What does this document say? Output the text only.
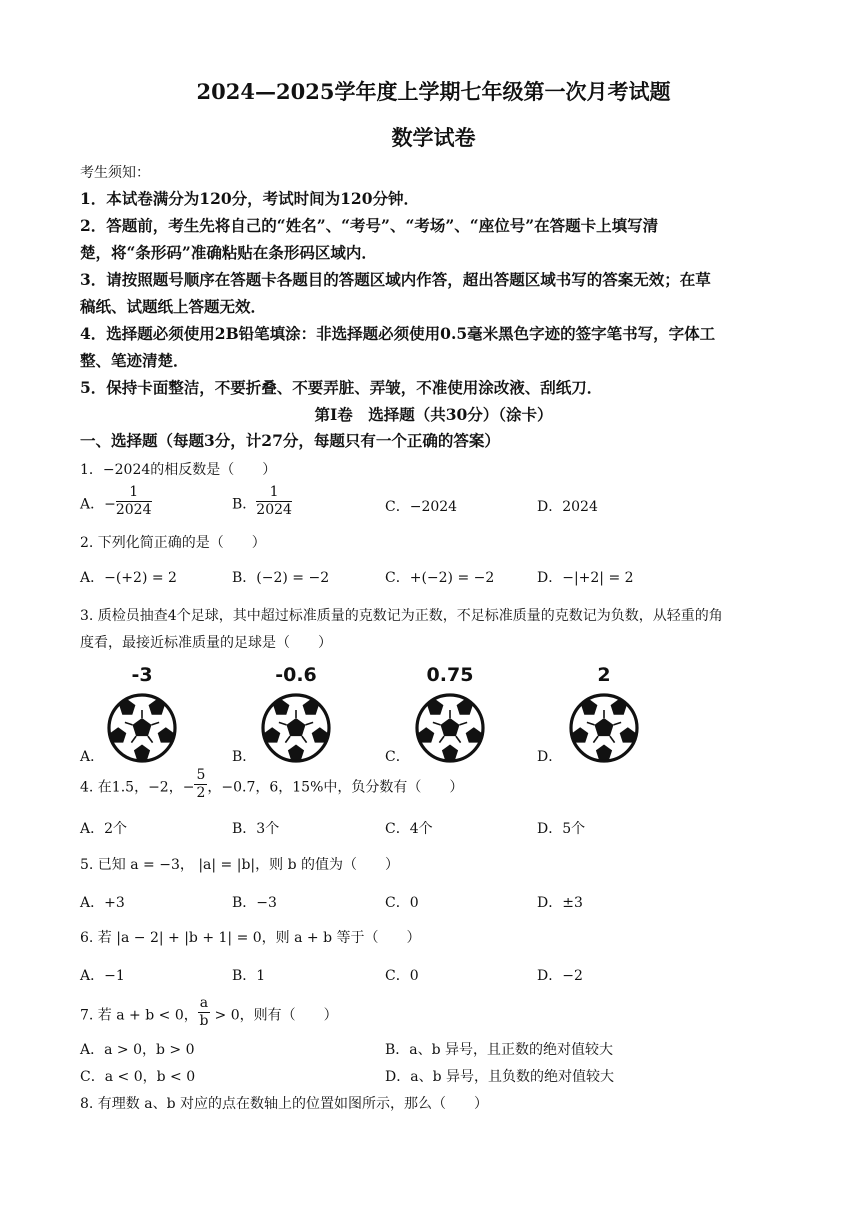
2024—2025学年度上学期七年级第一次月考试题
数学试卷
考生须知：
1．本试卷满分为120分，考试时间为120分钟．
2．答题前，考生先将自己的“姓名”、“考号”、“考场”、“座位号”在答题卡上填写清
楚，将“条形码”准确粘贴在条形码区域内．
3．请按照题号顺序在答题卡各题目的答题区域内作答，超出答题区域书写的答案无效；在草
稿纸、试题纸上答题无效．
4．选择题必须使用2B铅笔填涂：非选择题必须使用0.5毫米黑色字迹的签字笔书写，字体工
整、笔迹清楚．
5．保持卡面整洁，不要折叠、不要弄脏、弄皱，不准使用涂改液、刮纸刀．
第Ⅰ卷　选择题（共30分）（涂卡）
一、选择题（每题3分，计27分，每题只有一个正确的答案）
1．−2024的相反数是（　　）
A．− $\frac{1}{2024}$	B． $\frac{1}{2024}$	C．−2024	D．2024
2. 下列化简正确的是（　　）
A．−(+2) = 2	B．(−2) = −2	C．+(−2) = −2	D．−|+2| = 2
3. 质检员抽查4个足球，其中超过标准质量的克数记为正数，不足标准质量的克数记为负数，从轻重的角
度看，最接近标准质量的足球是（　　）
-3
A．
-0.6
B．
0.75
C．
2
D．
4. 在1.5，−2，− $\frac{5}{2}$ ，−0.7，6，15%中，负分数有（　　）
A．2个	B．3个	C．4个	D．5个
5. 已知 a = −3， |a| = |b|，则 b 的值为（　　）
A．+3	B．−3	C．0	D．±3
6. 若 |a − 2| + |b + 1| = 0，则 a + b 等于（　　）
A．−1	B．1	C．0	D．−2
7. 若 a + b < 0， $\frac{a}{b} > 0$，则有（　　）
A．a > 0，b > 0	B．a、b 异号，且正数的绝对值较大
C．a < 0，b < 0	D．a、b 异号，且负数的绝对值较大
8. 有理数 a、b 对应的点在数轴上的位置如图所示，那么（　　）
